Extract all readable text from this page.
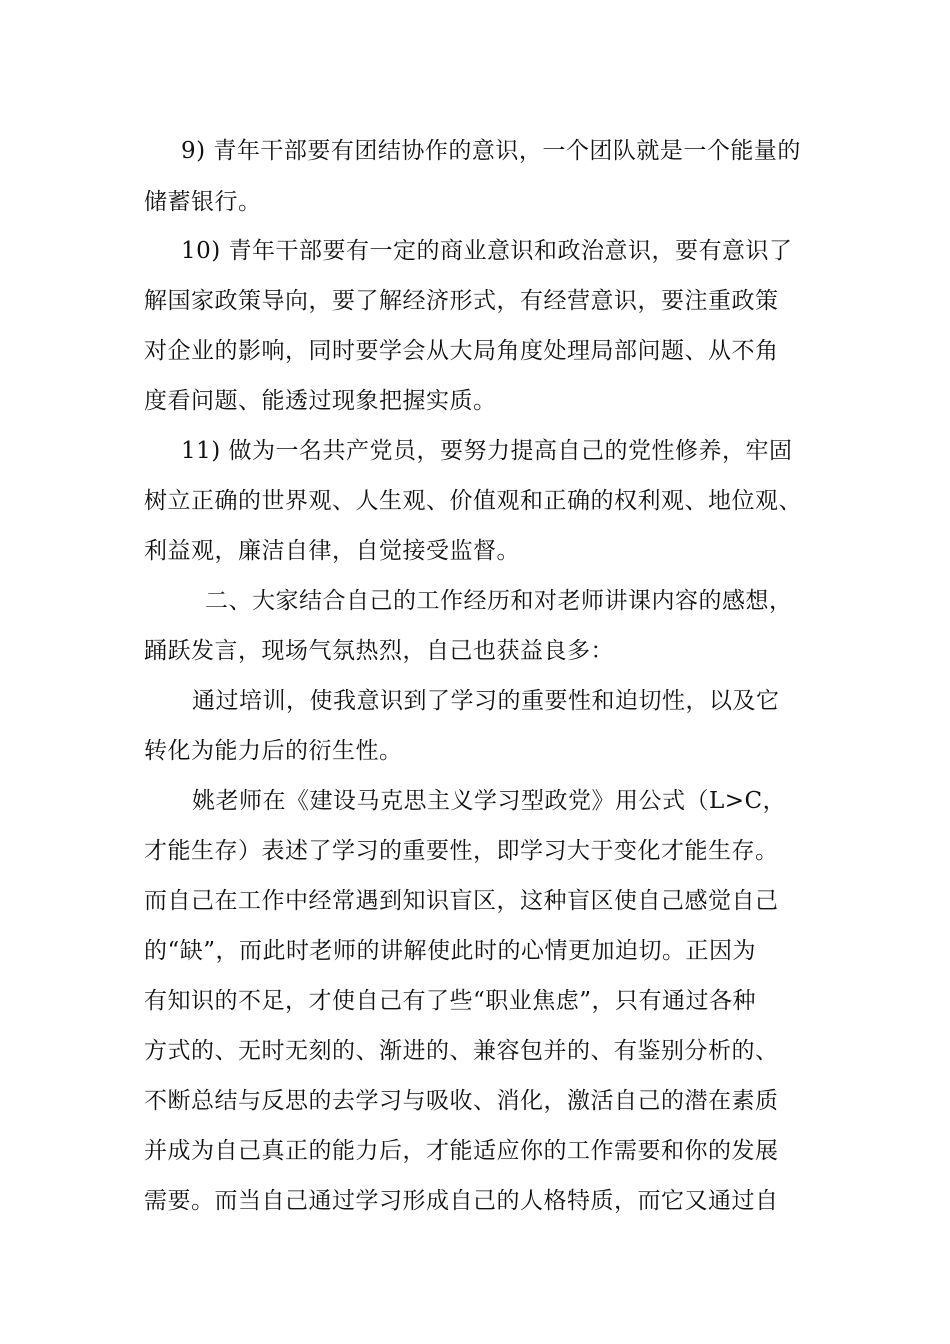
9) 青年干部要有团结协作的意识，一个团队就是一个能量的
储蓄银行。
10) 青年干部要有一定的商业意识和政治意识，要有意识了
解国家政策导向，要了解经济形式，有经营意识，要注重政策
对企业的影响，同时要学会从大局角度处理局部问题、从不角
度看问题、能透过现象把握实质。
11) 做为一名共产党员，要努力提高自己的党性修养，牢固
树立正确的世界观、人生观、价值观和正确的权利观、地位观、
利益观，廉洁自律，自觉接受监督。
二、大家结合自己的工作经历和对老师讲课内容的感想，
踊跃发言，现场气氛热烈，自己也获益良多：
通过培训，使我意识到了学习的重要性和迫切性，以及它
转化为能力后的衍生性。
姚老师在《建设马克思主义学习型政党》用公式（L>C，
才能生存）表述了学习的重要性，即学习大于变化才能生存。
而自己在工作中经常遇到知识盲区，这种盲区使自己感觉自己
的“缺”，而此时老师的讲解使此时的心情更加迫切。正因为
有知识的不足，才使自己有了些“职业焦虑”，只有通过各种
方式的、无时无刻的、渐进的、兼容包并的、有鉴别分析的、
不断总结与反思的去学习与吸收、消化，激活自己的潜在素质
并成为自己真正的能力后，才能适应你的工作需要和你的发展
需要。而当自己通过学习形成自己的人格特质，而它又通过自
